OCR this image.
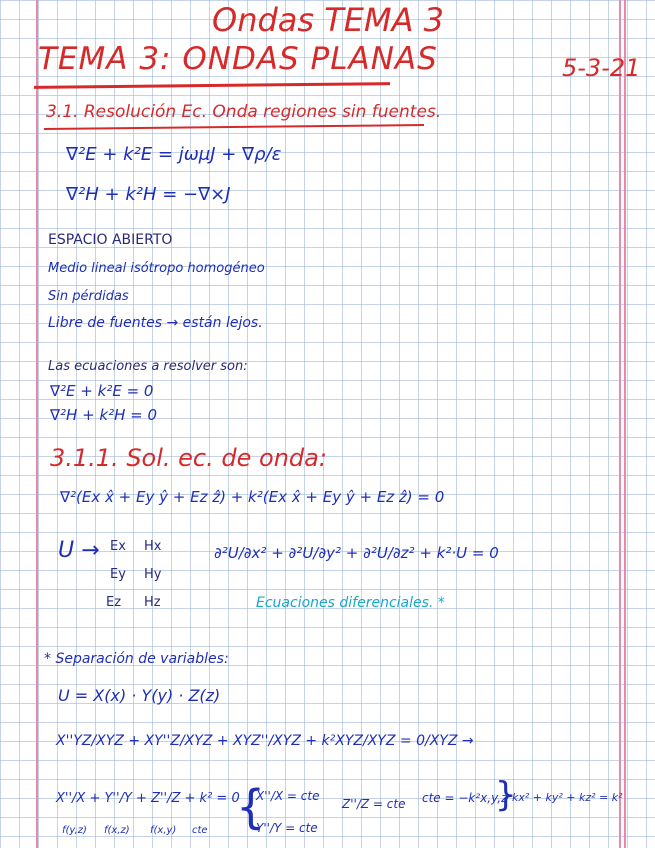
Ondas TEMA 3
TEMA 3: ONDAS PLANAS	5-3-21
3.1. Resolución Ec. Onda regiones sin fuentes.
∇²E + k²E = jωμJ + ∇ρ/ε
∇²H + k²H = −∇×J
ESPACIO ABIERTO
Medio lineal isótropo homogéneo
Sin pérdidas
Libre de fuentes → están lejos.
Las ecuaciones a resolver son:
∇²E + k²E = 0
∇²H + k²H = 0
3.1.1. Sol. ec. de onda:
∇²(Ex x̂ + Ey ŷ + Ez ẑ) + k²(Ex x̂ + Ey ŷ + Ez ẑ) = 0
U → Ex
Ey
Ez
Hx
Hy
Hz
∂²U/∂x² + ∂²U/∂y² + ∂²U/∂z² + k²·U = 0
Ecuaciones diferenciales. *
* Separación de variables:
U = X(x) · Y(y) · Z(z)
X''YZ/XYZ + XY''Z/XYZ + XYZ''/XYZ + k²XYZ/XYZ = 0/XYZ →
X''/X + Y''/Y + Z''/Z + k² = 0
f(y,z) f(x,z) f(x,y) cte {
X''/X = cte
Y''/Y = cte
Z''/Z = cte cte = −k²x,y,z
}
kx² + ky² + kz² = k²
